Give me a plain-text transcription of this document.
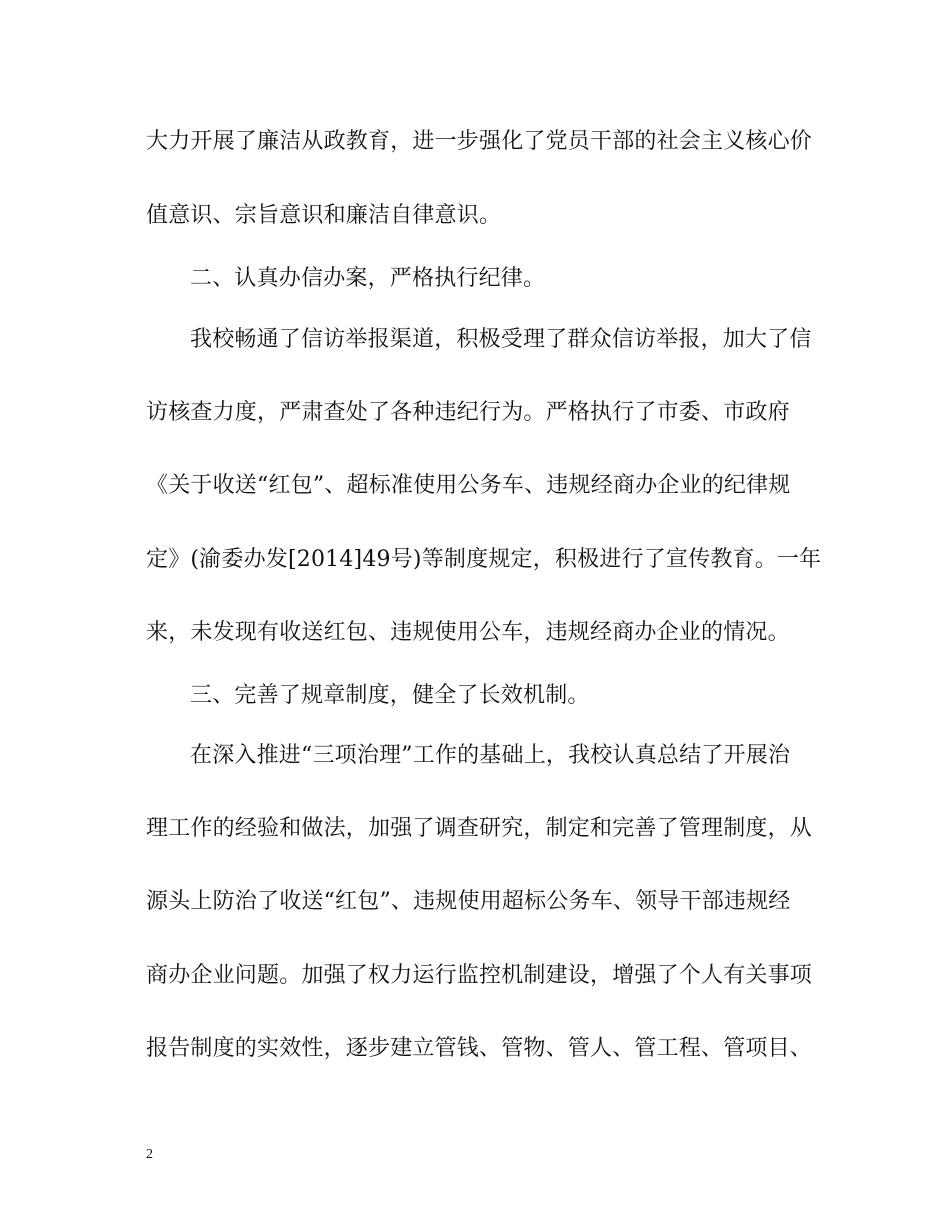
大力开展了廉洁从政教育，进一步强化了党员干部的社会主义核心价
值意识、宗旨意识和廉洁自律意识。
二、认真办信办案，严格执行纪律。
我校畅通了信访举报渠道，积极受理了群众信访举报，加大了信
访核查力度，严肃查处了各种违纪行为。严格执行了市委、市政府
《关于收送“红包”、超标准使用公务车、违规经商办企业的纪律规
定》(渝委办发[2014]49号)等制度规定，积极进行了宣传教育。一年
来，未发现有收送红包、违规使用公车，违规经商办企业的情况。
三、完善了规章制度，健全了长效机制。
在深入推进“三项治理”工作的基础上，我校认真总结了开展治
理工作的经验和做法，加强了调查研究，制定和完善了管理制度，从
源头上防治了收送“红包”、违规使用超标公务车、领导干部违规经
商办企业问题。加强了权力运行监控机制建设，增强了个人有关事项
报告制度的实效性，逐步建立管钱、管物、管人、管工程、管项目、
2
